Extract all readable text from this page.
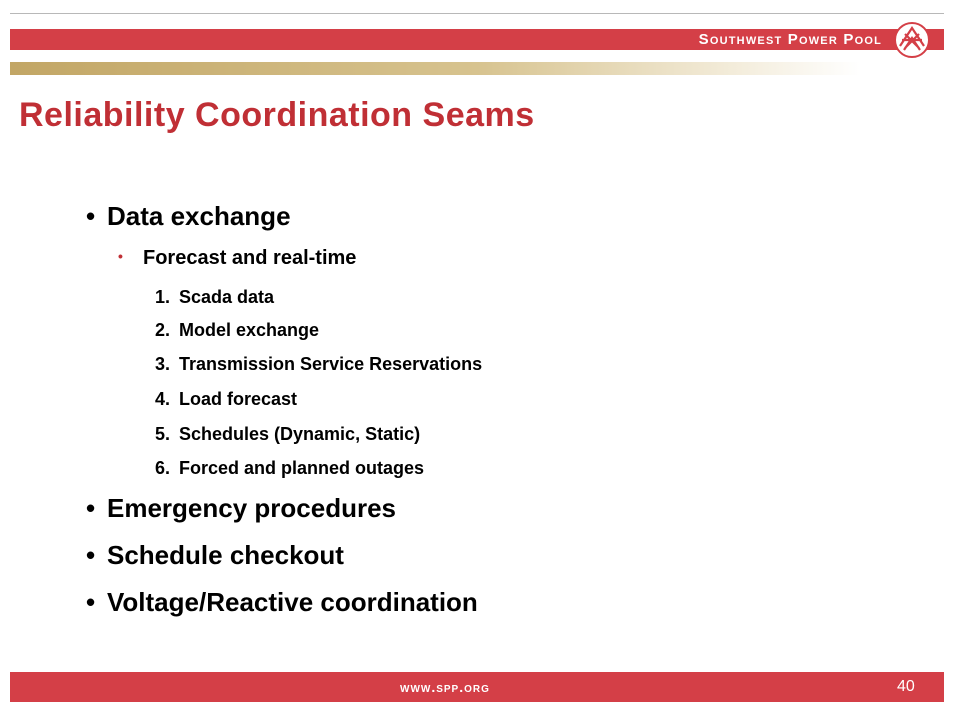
Southwest Power Pool
Reliability Coordination Seams
• Data exchange
• Forecast and real-time
1. Scada data
2. Model exchange
3. Transmission Service Reservations
4. Load forecast
5. Schedules (Dynamic, Static)
6. Forced and planned outages
• Emergency procedures
• Schedule checkout
• Voltage/Reactive coordination
www.spp.org	40
